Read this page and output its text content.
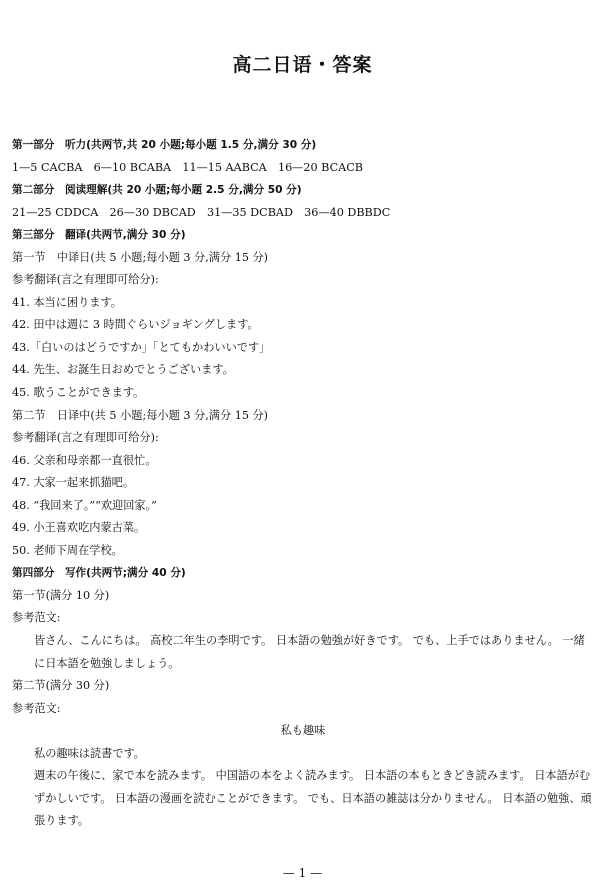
高二日语・答案
第一部分　听力(共两节,共 20 小题;每小题 1.5 分,满分 30 分)
1—5 CACBA　6—10 BCABA　11—15 AABCA　16—20 BCACB
第二部分　阅读理解(共 20 小题;每小题 2.5 分,满分 50 分)
21—25 CDDCA　26—30 DBCAD　31—35 DCBAD　36—40 DBBDC
第三部分　翻译(共两节,满分 30 分)
第一节　中译日(共 5 小题;每小题 3 分,满分 15 分)
参考翻译(言之有理即可给分):
41. 本当に困ります。
42. 田中は週に 3 時間ぐらいジョギングします。
43.「白いのはどうですか」「とてもかわいいです」
44. 先生、お誕生日おめでとうございます。
45. 歌うことができます。
第二节　日译中(共 5 小题;每小题 3 分,满分 15 分)
参考翻译(言之有理即可给分):
46. 父亲和母亲都一直很忙。
47. 大家一起来抓猫吧。
48. “我回来了。”“欢迎回家。”
49. 小王喜欢吃内蒙古菜。
50. 老师下周在学校。
第四部分　写作(共两节;满分 40 分)
第一节(满分 10 分)
参考范文:
皆さん、こんにちは。 高校二年生の李明です。 日本語の勉強が好きです。 でも、上手ではありません。 一緒に日本語を勉強しましょう。
第二节(满分 30 分)
参考范文:
私も趣味
私の趣味は読書です。
週末の午後に、家で本を読みます。 中国語の本をよく読みます。 日本語の本もときどき読みます。 日本語がむずかしいです。 日本語の漫画を読むことができます。 でも、日本語の雑誌は分かりません。 日本語の勉強、頑張ります。
— 1 —
